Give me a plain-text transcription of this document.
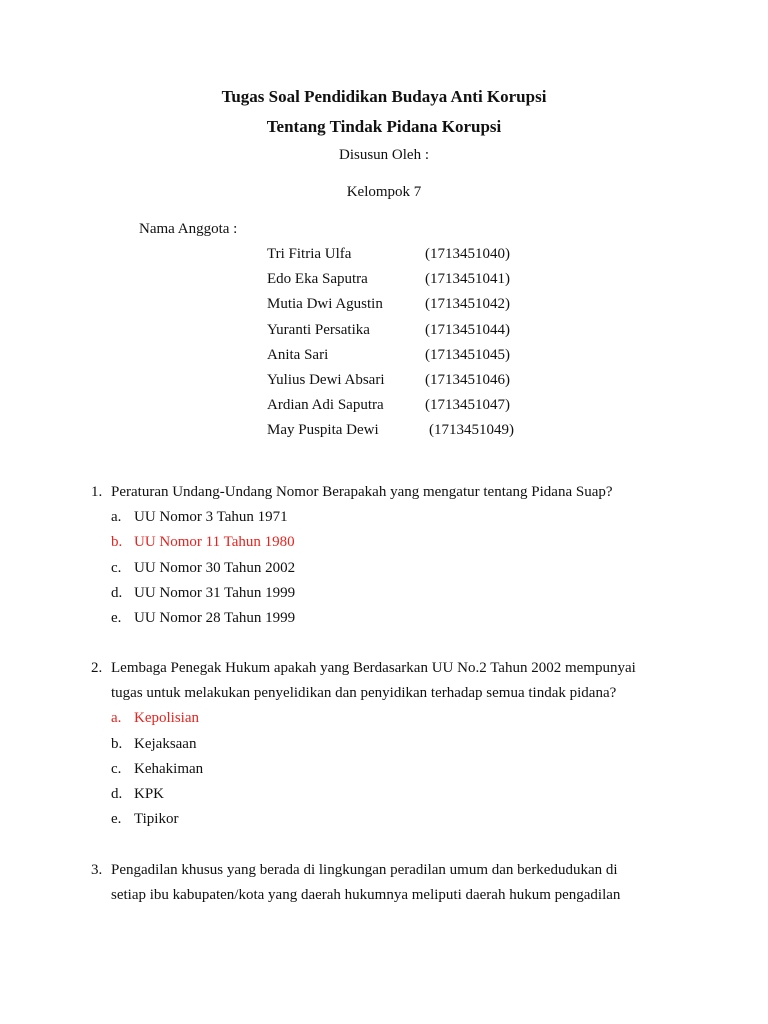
Tugas Soal Pendidikan Budaya Anti Korupsi
Tentang Tindak Pidana Korupsi
Disusun Oleh :
Kelompok 7
Nama Anggota :
Tri Fitria Ulfa	(1713451040)
Edo Eka Saputra	(1713451041)
Mutia Dwi Agustin	(1713451042)
Yuranti Persatika	(1713451044)
Anita Sari	(1713451045)
Yulius Dewi Absari	(1713451046)
Ardian Adi Saputra	(1713451047)
May Puspita Dewi	(1713451049)
1. Peraturan Undang-Undang Nomor Berapakah yang mengatur tentang Pidana Suap?
a. UU Nomor 3 Tahun 1971
b. UU Nomor 11 Tahun 1980
c. UU Nomor 30 Tahun 2002
d. UU Nomor 31 Tahun 1999
e. UU Nomor 28 Tahun 1999
2. Lembaga Penegak Hukum apakah yang Berdasarkan UU No.2 Tahun 2002 mempunyai
tugas untuk melakukan penyelidikan dan penyidikan terhadap semua tindak pidana?
a. Kepolisian
b. Kejaksaan
c. Kehakiman
d. KPK
e. Tipikor
3. Pengadilan khusus yang berada di lingkungan peradilan umum dan berkedudukan di
setiap ibu kabupaten/kota yang daerah hukumnya meliputi daerah hukum pengadilan
